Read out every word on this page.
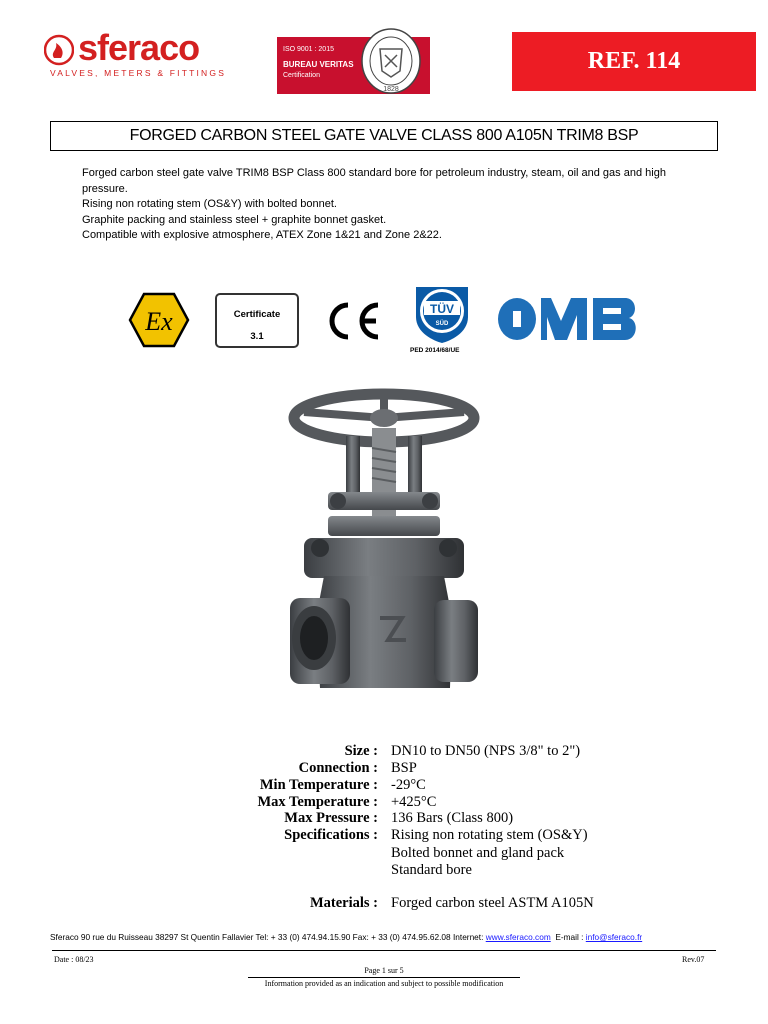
sferaco
VALVES, METERS & FITTINGS
ISO 9001 : 2015
BUREAU VERITAS
Certification
1828
REF. 114
FORGED CARBON STEEL GATE VALVE CLASS 800 A105N TRIM8 BSP
Forged carbon steel gate valve TRIM8 BSP Class 800 standard bore for petroleum industry, steam, oil and gas and high
pressure.
Rising non rotating stem (OS&Y) with bolted bonnet.
Graphite packing and stainless steel + graphite bonnet gasket.
Compatible with explosive atmosphere, ATEX Zone 1&21 and Zone 2&22.
Ex	Certificate
3.1
TÜV
SÜD
PED 2014/68/UE
Size : DN10 to DN50 (NPS 3/8" to 2")
Connection : BSP
Min Temperature : -29°C
Max Temperature : +425°C
Max Pressure : 136 Bars (Class 800)
Specifications : Rising non rotating stem (OS&Y)
Bolted bonnet and gland pack
Standard bore
Materials : Forged carbon steel ASTM A105N
Sferaco 90 rue du Ruisseau 38297 St Quentin Fallavier Tel: + 33 (0) 474.94.15.90 Fax: + 33 (0) 474.95.62.08 Internet: www.sferaco.com  E-mail : info@sferaco.fr
Date : 08/23	Rev.07
Page 1 sur 5
Information provided as an indication and subject to possible modification
